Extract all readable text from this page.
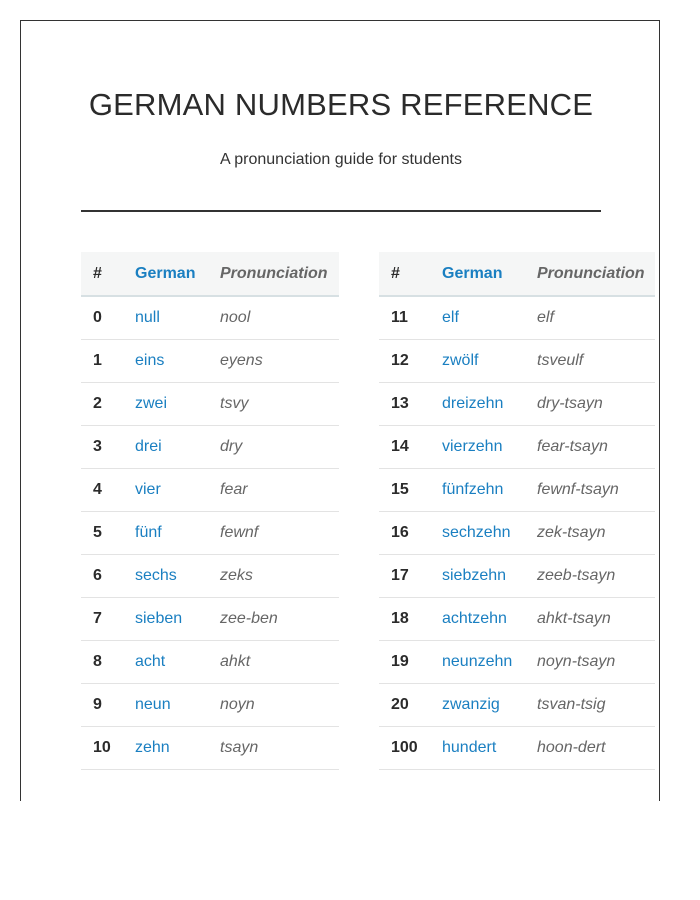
GERMAN NUMBERS REFERENCE

A pronunciation guide for students

#	German	Pronunciation
0	null	nool
1	eins	eyens
2	zwei	tsvy
3	drei	dry
4	vier	fear
5	fünf	fewnf
6	sechs	zeks
7	sieben	zee-ben
8	acht	ahkt
9	neun	noyn
10	zehn	tsayn
#	German	Pronunciation
11	elf	elf
12	zwölf	tsveulf
13	dreizehn	dry-tsayn
14	vierzehn	fear-tsayn
15	fünfzehn	fewnf-tsayn
16	sechzehn	zek-tsayn
17	siebzehn	zeeb-tsayn
18	achtzehn	ahkt-tsayn
19	neunzehn	noyn-tsayn
20	zwanzig	tsvan-tsig
100	hundert	hoon-dert
